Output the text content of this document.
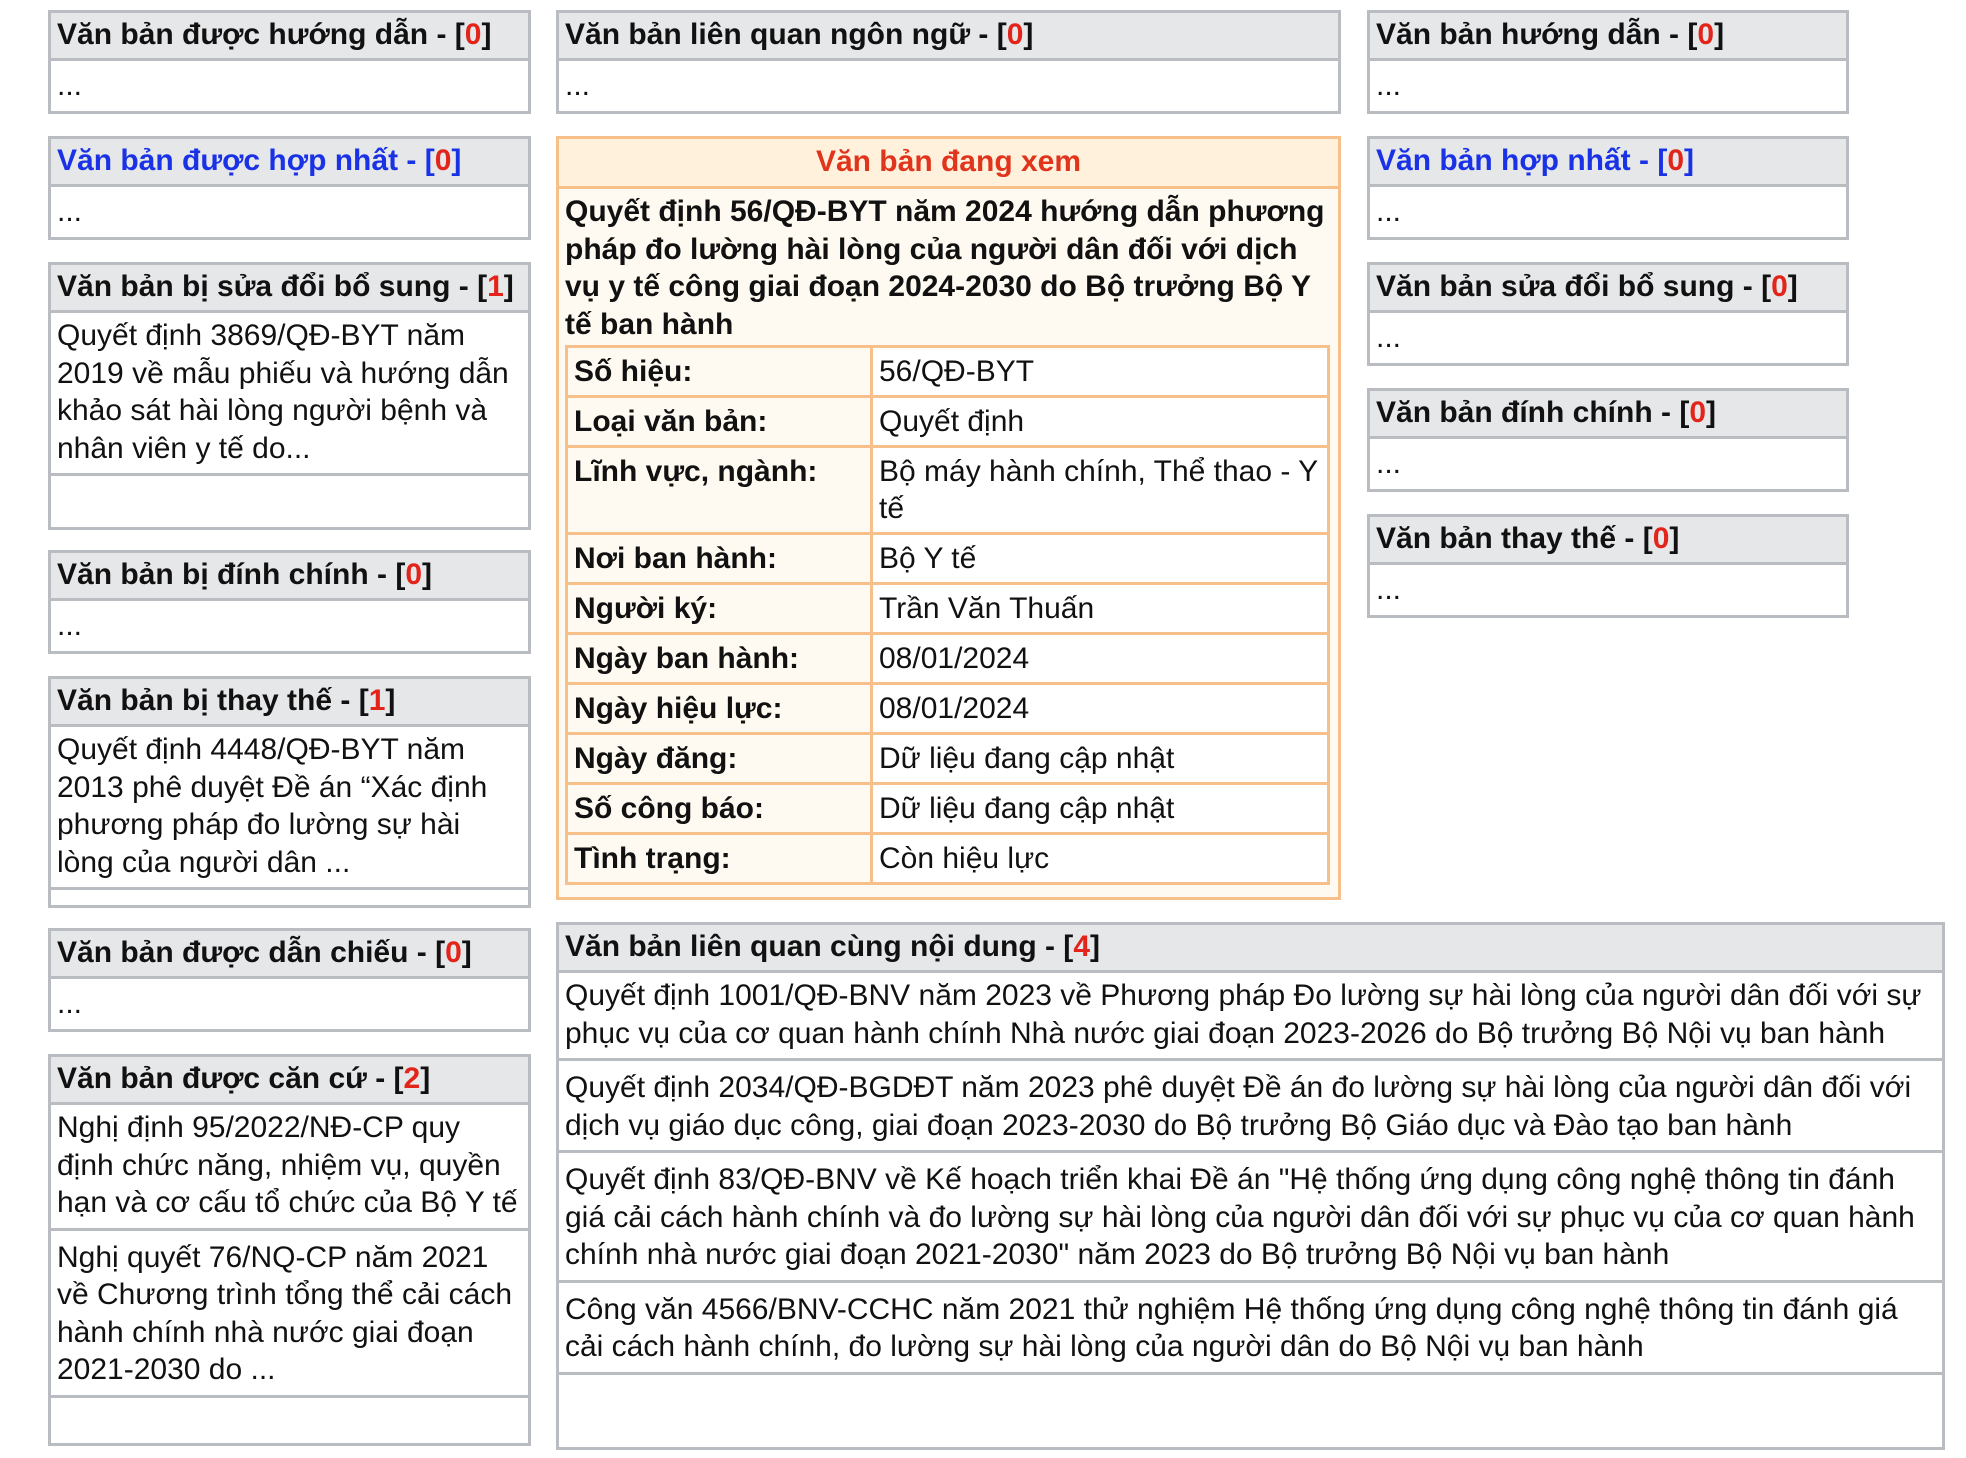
Văn bản được hướng dẫn - [0]
...
Văn bản được hợp nhất - [0]
...
Văn bản bị sửa đổi bổ sung - [1]
Quyết định 3869/QĐ-BYT năm 2019 về mẫu phiếu và hướng dẫn khảo sát hài lòng người bệnh và nhân viên y tế do...
Văn bản bị đính chính - [0]
...
Văn bản bị thay thế - [1]
Quyết định 4448/QĐ-BYT năm 2013 phê duyệt Đề án “Xác định phương pháp đo lường sự hài lòng của người dân ...
Văn bản được dẫn chiếu - [0]
...
Văn bản được căn cứ - [2]
Nghị định 95/2022/NĐ-CP quy định chức năng, nhiệm vụ, quyền hạn và cơ cấu tổ chức của Bộ Y tế
Nghị quyết 76/NQ-CP năm 2021 về Chương trình tổng thể cải cách hành chính nhà nước giai đoạn 2021-2030 do ...
Văn bản liên quan ngôn ngữ - [0]
...
Văn bản đang xem
Quyết định 56/QĐ-BYT năm 2024 hướng dẫn phương pháp đo lường hài lòng của người dân đối với dịch vụ y tế công giai đoạn 2024-2030 do Bộ trưởng Bộ Y tế ban hành
Số hiệu:	56/QĐ-BYT
Loại văn bản:	Quyết định
Lĩnh vực, ngành:	Bộ máy hành chính, Thể thao - Y tế
Nơi ban hành:	Bộ Y tế
Người ký:	Trần Văn Thuấn
Ngày ban hành:	08/01/2024
Ngày hiệu lực:	08/01/2024
Ngày đăng:	Dữ liệu đang cập nhật
Số công báo:	Dữ liệu đang cập nhật
Tình trạng:	Còn hiệu lực
Văn bản liên quan cùng nội dung - [4]
Quyết định 1001/QĐ-BNV năm 2023 về Phương pháp Đo lường sự hài lòng của người dân đối với sự phục vụ của cơ quan hành chính Nhà nước giai đoạn 2023-2026 do Bộ trưởng Bộ Nội vụ ban hành
Quyết định 2034/QĐ-BGDĐT năm 2023 phê duyệt Đề án đo lường sự hài lòng của người dân đối với dịch vụ giáo dục công, giai đoạn 2023-2030 do Bộ trưởng Bộ Giáo dục và Đào tạo ban hành
Quyết định 83/QĐ-BNV về Kế hoạch triển khai Đề án "Hệ thống ứng dụng công nghệ thông tin đánh giá cải cách hành chính và đo lường sự hài lòng của người dân đối với sự phục vụ của cơ quan hành chính nhà nước giai đoạn 2021-2030" năm 2023 do Bộ trưởng Bộ Nội vụ ban hành
Công văn 4566/BNV-CCHC năm 2021 thử nghiệm Hệ thống ứng dụng công nghệ thông tin đánh giá cải cách hành chính, đo lường sự hài lòng của người dân do Bộ Nội vụ ban hành
Văn bản hướng dẫn - [0]
...
Văn bản hợp nhất - [0]
...
Văn bản sửa đổi bổ sung - [0]
...
Văn bản đính chính - [0]
...
Văn bản thay thế - [0]
...
